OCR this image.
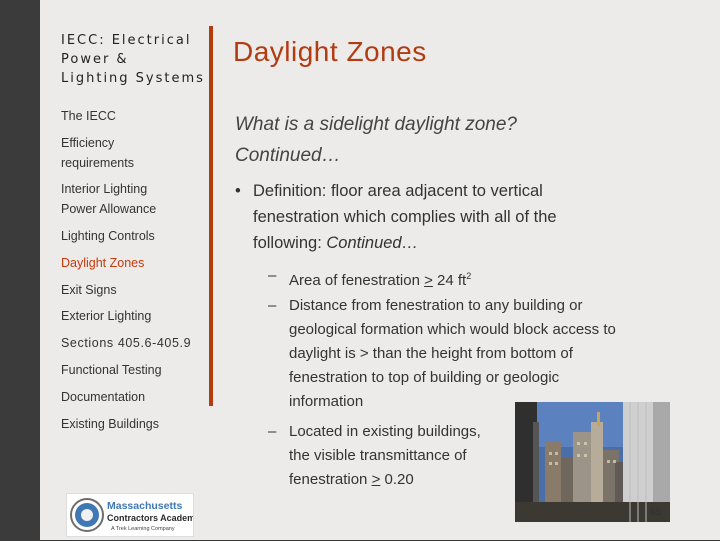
IECC: Electrical
Power &
Lighting Systems
The IECC
Efficiency
requirements
Interior Lighting
Power Allowance
Lighting Controls
Daylight Zones
Exit Signs
Exterior Lighting
Sections 405.6-405.9
Functional Testing
Documentation
Existing Buildings
Daylight Zones
What is a sidelight daylight zone?
Continued…
• Definition: floor area adjacent to vertical
fenestration which complies with all of the
following: Continued…
– Area of fenestration ≥ 24 $ft^2$
– Distance from fenestration to any building or
geological formation which would block access to
daylight is > than the height from bottom of
fenestration to top of building or geologic
information
– Located in existing buildings,
the visible transmittance of
fenestration ≥ 0.20
Massachusetts
Contractors Academy
A Trek Learning Company
65
